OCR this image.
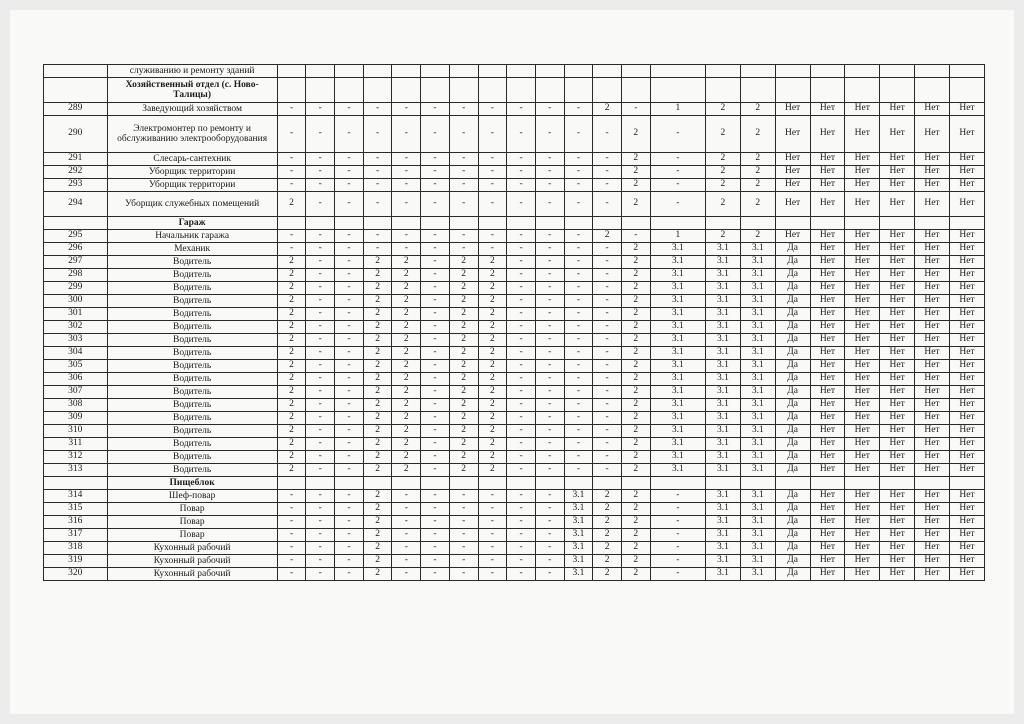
	служиванию и ремонту зданий																						
	Хозяйственный отдел (с. Ново-Талицы)																						
289	Заведующий хозяйством	-	-	-	-	-	-	-	-	-	-	-	2	-	1	2	2	Нет	Нет	Нет	Нет	Нет	Нет
290	Электромонтер по ремонту и обслуживанию электрооборудования	-	-	-	-	-	-	-	-	-	-	-	-	2	-	2	2	Нет	Нет	Нет	Нет	Нет	Нет
291	Слесарь-сантехник	-	-	-	-	-	-	-	-	-	-	-	-	2	-	2	2	Нет	Нет	Нет	Нет	Нет	Нет
292	Уборщик территории	-	-	-	-	-	-	-	-	-	-	-	-	2	-	2	2	Нет	Нет	Нет	Нет	Нет	Нет
293	Уборщик территории	-	-	-	-	-	-	-	-	-	-	-	-	2	-	2	2	Нет	Нет	Нет	Нет	Нет	Нет
294	Уборщик служебных помещений	2	-	-	-	-	-	-	-	-	-	-	-	2	-	2	2	Нет	Нет	Нет	Нет	Нет	Нет
	Гараж																						
295	Начальник гаража	-	-	-	-	-	-	-	-	-	-	-	2	-	1	2	2	Нет	Нет	Нет	Нет	Нет	Нет
296	Механик	-	-	-	-	-	-	-	-	-	-	-	-	2	3.1	3.1	3.1	Да	Нет	Нет	Нет	Нет	Нет
297	Водитель	2	-	-	2	2	-	2	2	-	-	-	-	2	3.1	3.1	3.1	Да	Нет	Нет	Нет	Нет	Нет
298	Водитель	2	-	-	2	2	-	2	2	-	-	-	-	2	3.1	3.1	3.1	Да	Нет	Нет	Нет	Нет	Нет
299	Водитель	2	-	-	2	2	-	2	2	-	-	-	-	2	3.1	3.1	3.1	Да	Нет	Нет	Нет	Нет	Нет
300	Водитель	2	-	-	2	2	-	2	2	-	-	-	-	2	3.1	3.1	3.1	Да	Нет	Нет	Нет	Нет	Нет
301	Водитель	2	-	-	2	2	-	2	2	-	-	-	-	2	3.1	3.1	3.1	Да	Нет	Нет	Нет	Нет	Нет
302	Водитель	2	-	-	2	2	-	2	2	-	-	-	-	2	3.1	3.1	3.1	Да	Нет	Нет	Нет	Нет	Нет
303	Водитель	2	-	-	2	2	-	2	2	-	-	-	-	2	3.1	3.1	3.1	Да	Нет	Нет	Нет	Нет	Нет
304	Водитель	2	-	-	2	2	-	2	2	-	-	-	-	2	3.1	3.1	3.1	Да	Нет	Нет	Нет	Нет	Нет
305	Водитель	2	-	-	2	2	-	2	2	-	-	-	-	2	3.1	3.1	3.1	Да	Нет	Нет	Нет	Нет	Нет
306	Водитель	2	-	-	2	2	-	2	2	-	-	-	-	2	3.1	3.1	3.1	Да	Нет	Нет	Нет	Нет	Нет
307	Водитель	2	-	-	2	2	-	2	2	-	-	-	-	2	3.1	3.1	3.1	Да	Нет	Нет	Нет	Нет	Нет
308	Водитель	2	-	-	2	2	-	2	2	-	-	-	-	2	3.1	3.1	3.1	Да	Нет	Нет	Нет	Нет	Нет
309	Водитель	2	-	-	2	2	-	2	2	-	-	-	-	2	3.1	3.1	3.1	Да	Нет	Нет	Нет	Нет	Нет
310	Водитель	2	-	-	2	2	-	2	2	-	-	-	-	2	3.1	3.1	3.1	Да	Нет	Нет	Нет	Нет	Нет
311	Водитель	2	-	-	2	2	-	2	2	-	-	-	-	2	3.1	3.1	3.1	Да	Нет	Нет	Нет	Нет	Нет
312	Водитель	2	-	-	2	2	-	2	2	-	-	-	-	2	3.1	3.1	3.1	Да	Нет	Нет	Нет	Нет	Нет
313	Водитель	2	-	-	2	2	-	2	2	-	-	-	-	2	3.1	3.1	3.1	Да	Нет	Нет	Нет	Нет	Нет
	Пищеблок																						
314	Шеф-повар	-	-	-	2	-	-	-	-	-	-	3.1	2	2	-	3.1	3.1	Да	Нет	Нет	Нет	Нет	Нет
315	Повар	-	-	-	2	-	-	-	-	-	-	3.1	2	2	-	3.1	3.1	Да	Нет	Нет	Нет	Нет	Нет
316	Повар	-	-	-	2	-	-	-	-	-	-	3.1	2	2	-	3.1	3.1	Да	Нет	Нет	Нет	Нет	Нет
317	Повар	-	-	-	2	-	-	-	-	-	-	3.1	2	2	-	3.1	3.1	Да	Нет	Нет	Нет	Нет	Нет
318	Кухонный рабочий	-	-	-	2	-	-	-	-	-	-	3.1	2	2	-	3.1	3.1	Да	Нет	Нет	Нет	Нет	Нет
319	Кухонный рабочий	-	-	-	2	-	-	-	-	-	-	3.1	2	2	-	3.1	3.1	Да	Нет	Нет	Нет	Нет	Нет
320	Кухонный рабочий	-	-	-	2	-	-	-	-	-	-	3.1	2	2	-	3.1	3.1	Да	Нет	Нет	Нет	Нет	Нет
